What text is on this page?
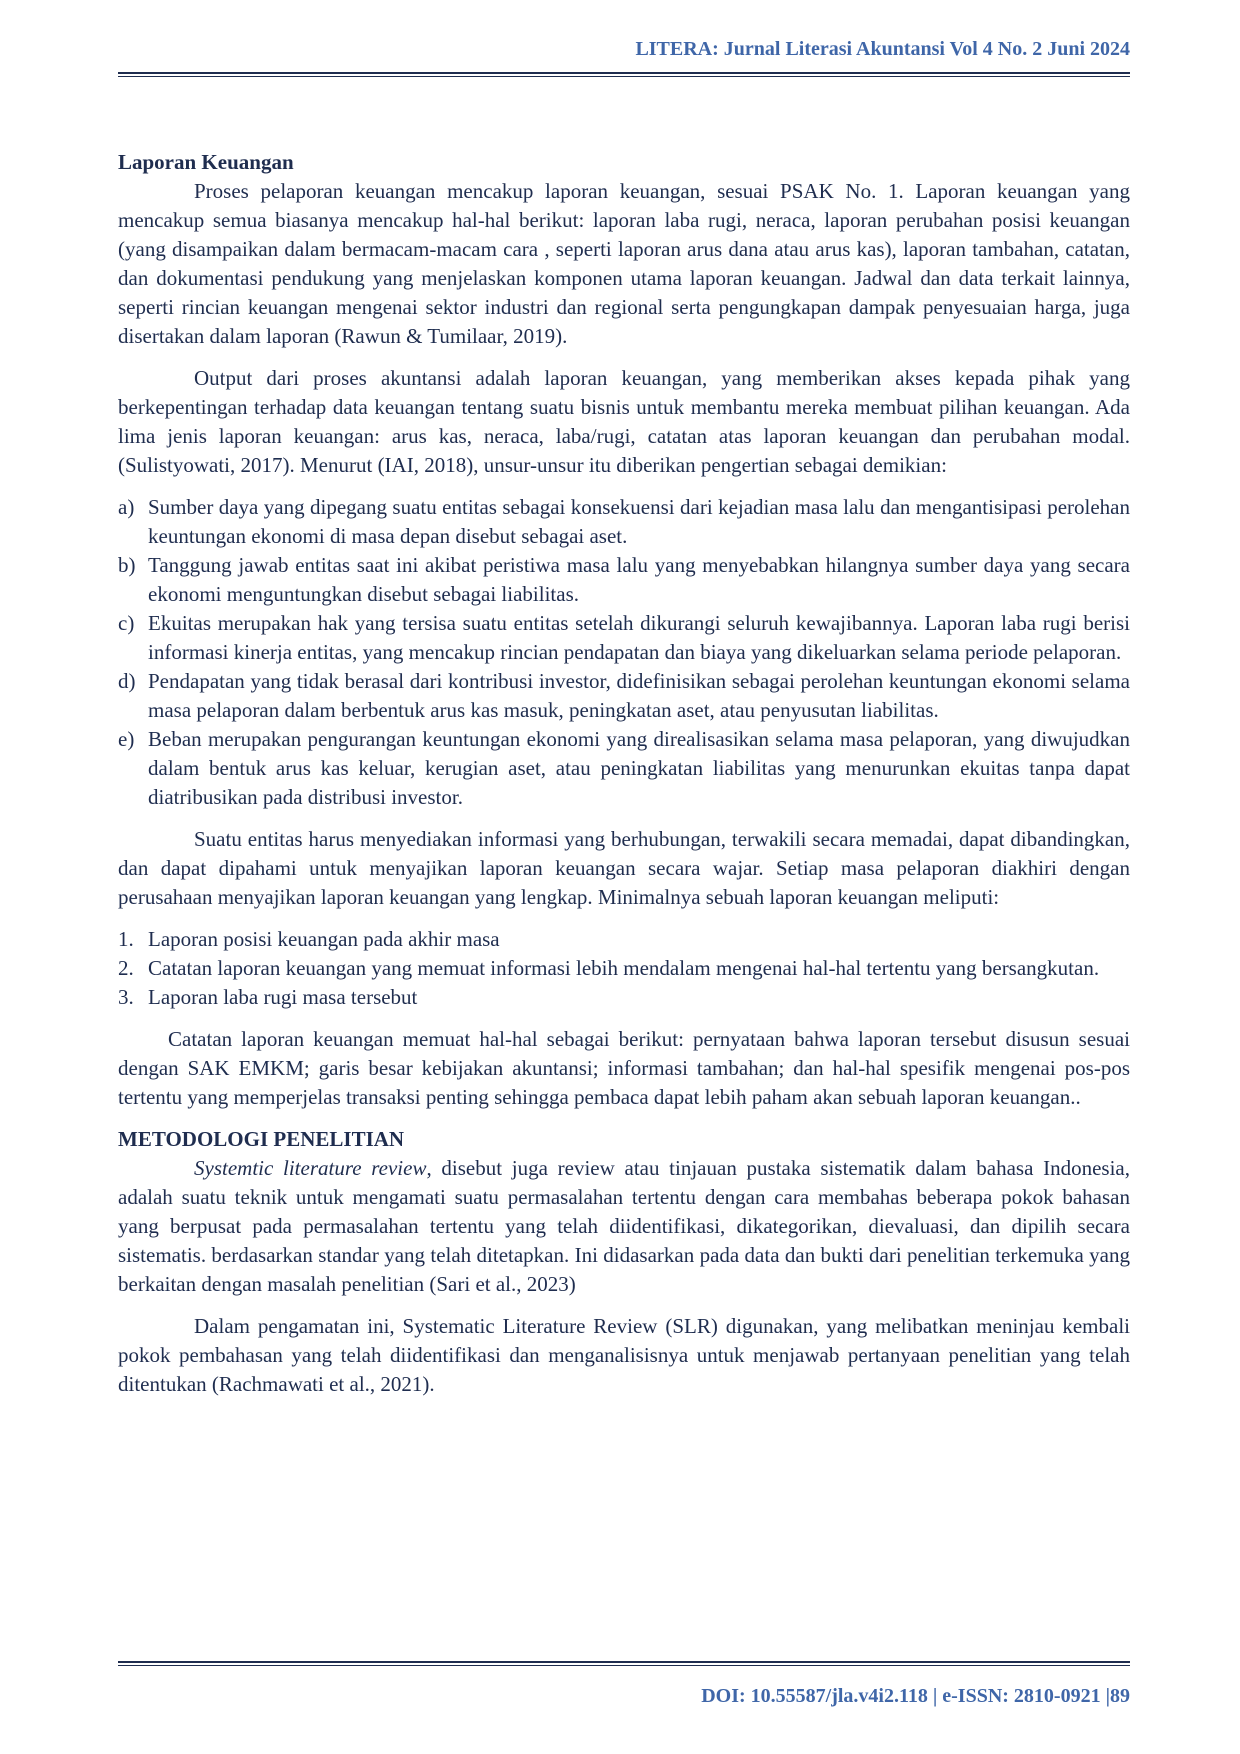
LITERA: Jurnal Literasi Akuntansi Vol 4 No. 2 Juni 2024
Laporan Keuangan

Proses pelaporan keuangan mencakup laporan keuangan, sesuai PSAK No. 1. Laporan keuangan yang mencakup semua biasanya mencakup hal-hal berikut: laporan laba rugi, neraca, laporan perubahan posisi keuangan (yang disampaikan dalam bermacam-macam cara , seperti laporan arus dana atau arus kas), laporan tambahan, catatan, dan dokumentasi pendukung yang menjelaskan komponen utama laporan keuangan. Jadwal dan data terkait lainnya, seperti rincian keuangan mengenai sektor industri dan regional serta pengungkapan dampak penyesuaian harga, juga disertakan dalam laporan (Rawun & Tumilaar, 2019).

Output dari proses akuntansi adalah laporan keuangan, yang memberikan akses kepada pihak yang berkepentingan terhadap data keuangan tentang suatu bisnis untuk membantu mereka membuat pilihan keuangan. Ada lima jenis laporan keuangan: arus kas, neraca, laba/rugi, catatan atas laporan keuangan dan perubahan modal. (Sulistyowati, 2017). Menurut (IAI, 2018), unsur-unsur itu diberikan pengertian sebagai demikian:

a) Sumber daya yang dipegang suatu entitas sebagai konsekuensi dari kejadian masa lalu dan mengantisipasi perolehan keuntungan ekonomi di masa depan disebut sebagai aset.
b) Tanggung jawab entitas saat ini akibat peristiwa masa lalu yang menyebabkan hilangnya sumber daya yang secara ekonomi menguntungkan disebut sebagai liabilitas.
c) Ekuitas merupakan hak yang tersisa suatu entitas setelah dikurangi seluruh kewajibannya. Laporan laba rugi berisi informasi kinerja entitas, yang mencakup rincian pendapatan dan biaya yang dikeluarkan selama periode pelaporan.
d) Pendapatan yang tidak berasal dari kontribusi investor, didefinisikan sebagai perolehan keuntungan ekonomi selama masa pelaporan dalam berbentuk arus kas masuk, peningkatan aset, atau penyusutan liabilitas.
e) Beban merupakan pengurangan keuntungan ekonomi yang direalisasikan selama masa pelaporan, yang diwujudkan dalam bentuk arus kas keluar, kerugian aset, atau peningkatan liabilitas yang menurunkan ekuitas tanpa dapat diatribusikan pada distribusi investor.

Suatu entitas harus menyediakan informasi yang berhubungan, terwakili secara memadai, dapat dibandingkan, dan dapat dipahami untuk menyajikan laporan keuangan secara wajar. Setiap masa pelaporan diakhiri dengan perusahaan menyajikan laporan keuangan yang lengkap. Minimalnya sebuah laporan keuangan meliputi:

1. Laporan posisi keuangan pada akhir masa
2. Catatan laporan keuangan yang memuat informasi lebih mendalam mengenai hal-hal tertentu yang bersangkutan.
3. Laporan laba rugi masa tersebut

Catatan laporan keuangan memuat hal-hal sebagai berikut: pernyataan bahwa laporan tersebut disusun sesuai dengan SAK EMKM; garis besar kebijakan akuntansi; informasi tambahan; dan hal-hal spesifik mengenai pos-pos tertentu yang memperjelas transaksi penting sehingga pembaca dapat lebih paham akan sebuah laporan keuangan..

METODOLOGI PENELITIAN

Systemtic literature review, disebut juga review atau tinjauan pustaka sistematik dalam bahasa Indonesia, adalah suatu teknik untuk mengamati suatu permasalahan tertentu dengan cara membahas beberapa pokok bahasan yang berpusat pada permasalahan tertentu yang telah diidentifikasi, dikategorikan, dievaluasi, dan dipilih secara sistematis. berdasarkan standar yang telah ditetapkan. Ini didasarkan pada data dan bukti dari penelitian terkemuka yang berkaitan dengan masalah penelitian (Sari et al., 2023)

Dalam pengamatan ini, Systematic Literature Review (SLR) digunakan, yang melibatkan meninjau kembali pokok pembahasan yang telah diidentifikasi dan menganalisisnya untuk menjawab pertanyaan penelitian yang telah ditentukan (Rachmawati et al., 2021).

DOI: 10.55587/jla.v4i2.118 | e-ISSN: 2810-0921 |89
